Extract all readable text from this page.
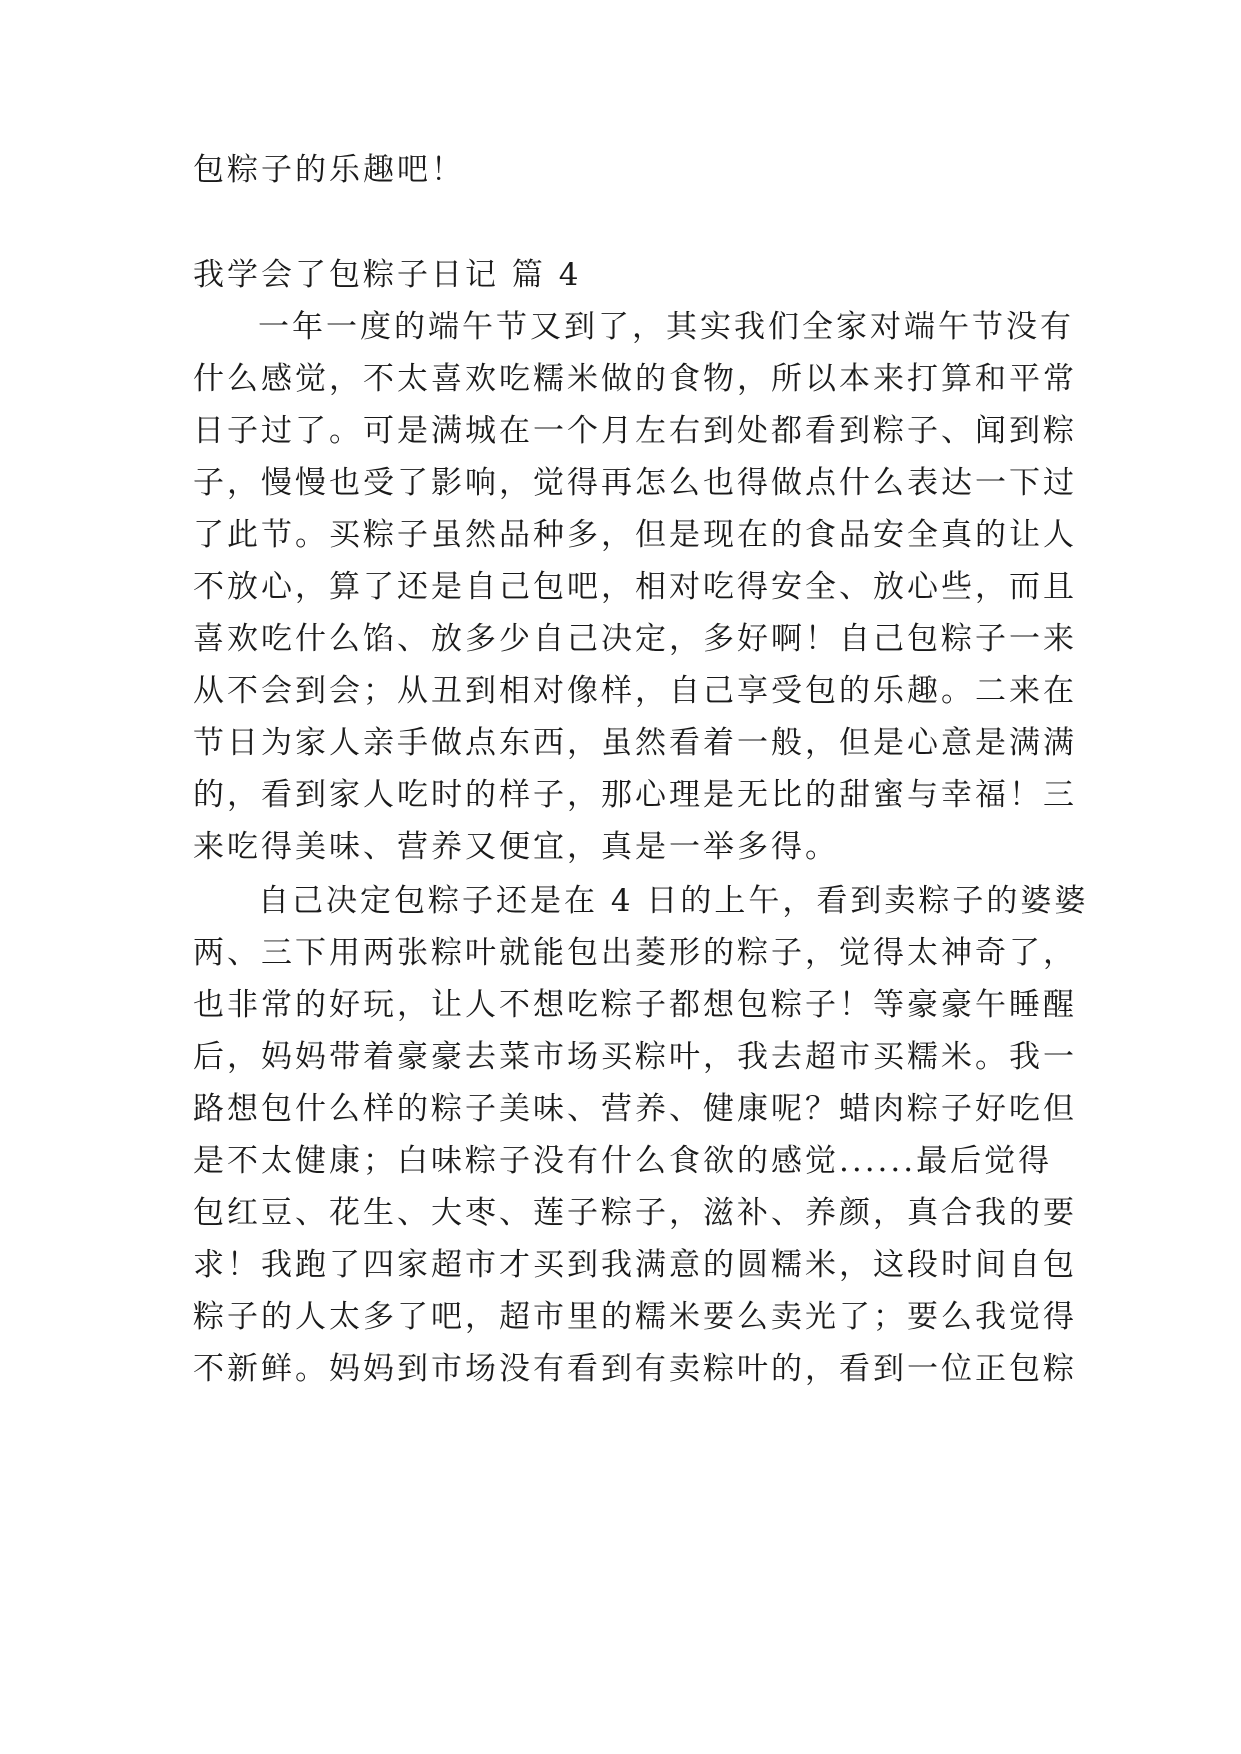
包粽子的乐趣吧！
我学会了包粽子日记 篇 4
一年一度的端午节又到了，其实我们全家对端午节没有
什么感觉，不太喜欢吃糯米做的食物，所以本来打算和平常
日子过了。可是满城在一个月左右到处都看到粽子、闻到粽
子，慢慢也受了影响，觉得再怎么也得做点什么表达一下过
了此节。买粽子虽然品种多，但是现在的食品安全真的让人
不放心，算了还是自己包吧，相对吃得安全、放心些，而且
喜欢吃什么馅、放多少自己决定，多好啊！自己包粽子一来
从不会到会；从丑到相对像样，自己享受包的乐趣。二来在
节日为家人亲手做点东西，虽然看着一般，但是心意是满满
的，看到家人吃时的样子，那心理是无比的甜蜜与幸福！三
来吃得美味、营养又便宜，真是一举多得。
自己决定包粽子还是在 4 日的上午，看到卖粽子的婆婆
两、三下用两张粽叶就能包出菱形的粽子，觉得太神奇了，
也非常的好玩，让人不想吃粽子都想包粽子！等豪豪午睡醒
后，妈妈带着豪豪去菜市场买粽叶，我去超市买糯米。我一
路想包什么样的粽子美味、营养、健康呢？蜡肉粽子好吃但
是不太健康；白味粽子没有什么食欲的感觉......最后觉得
包红豆、花生、大枣、莲子粽子，滋补、养颜，真合我的要
求！我跑了四家超市才买到我满意的圆糯米，这段时间自包
粽子的人太多了吧，超市里的糯米要么卖光了；要么我觉得
不新鲜。妈妈到市场没有看到有卖粽叶的，看到一位正包粽
